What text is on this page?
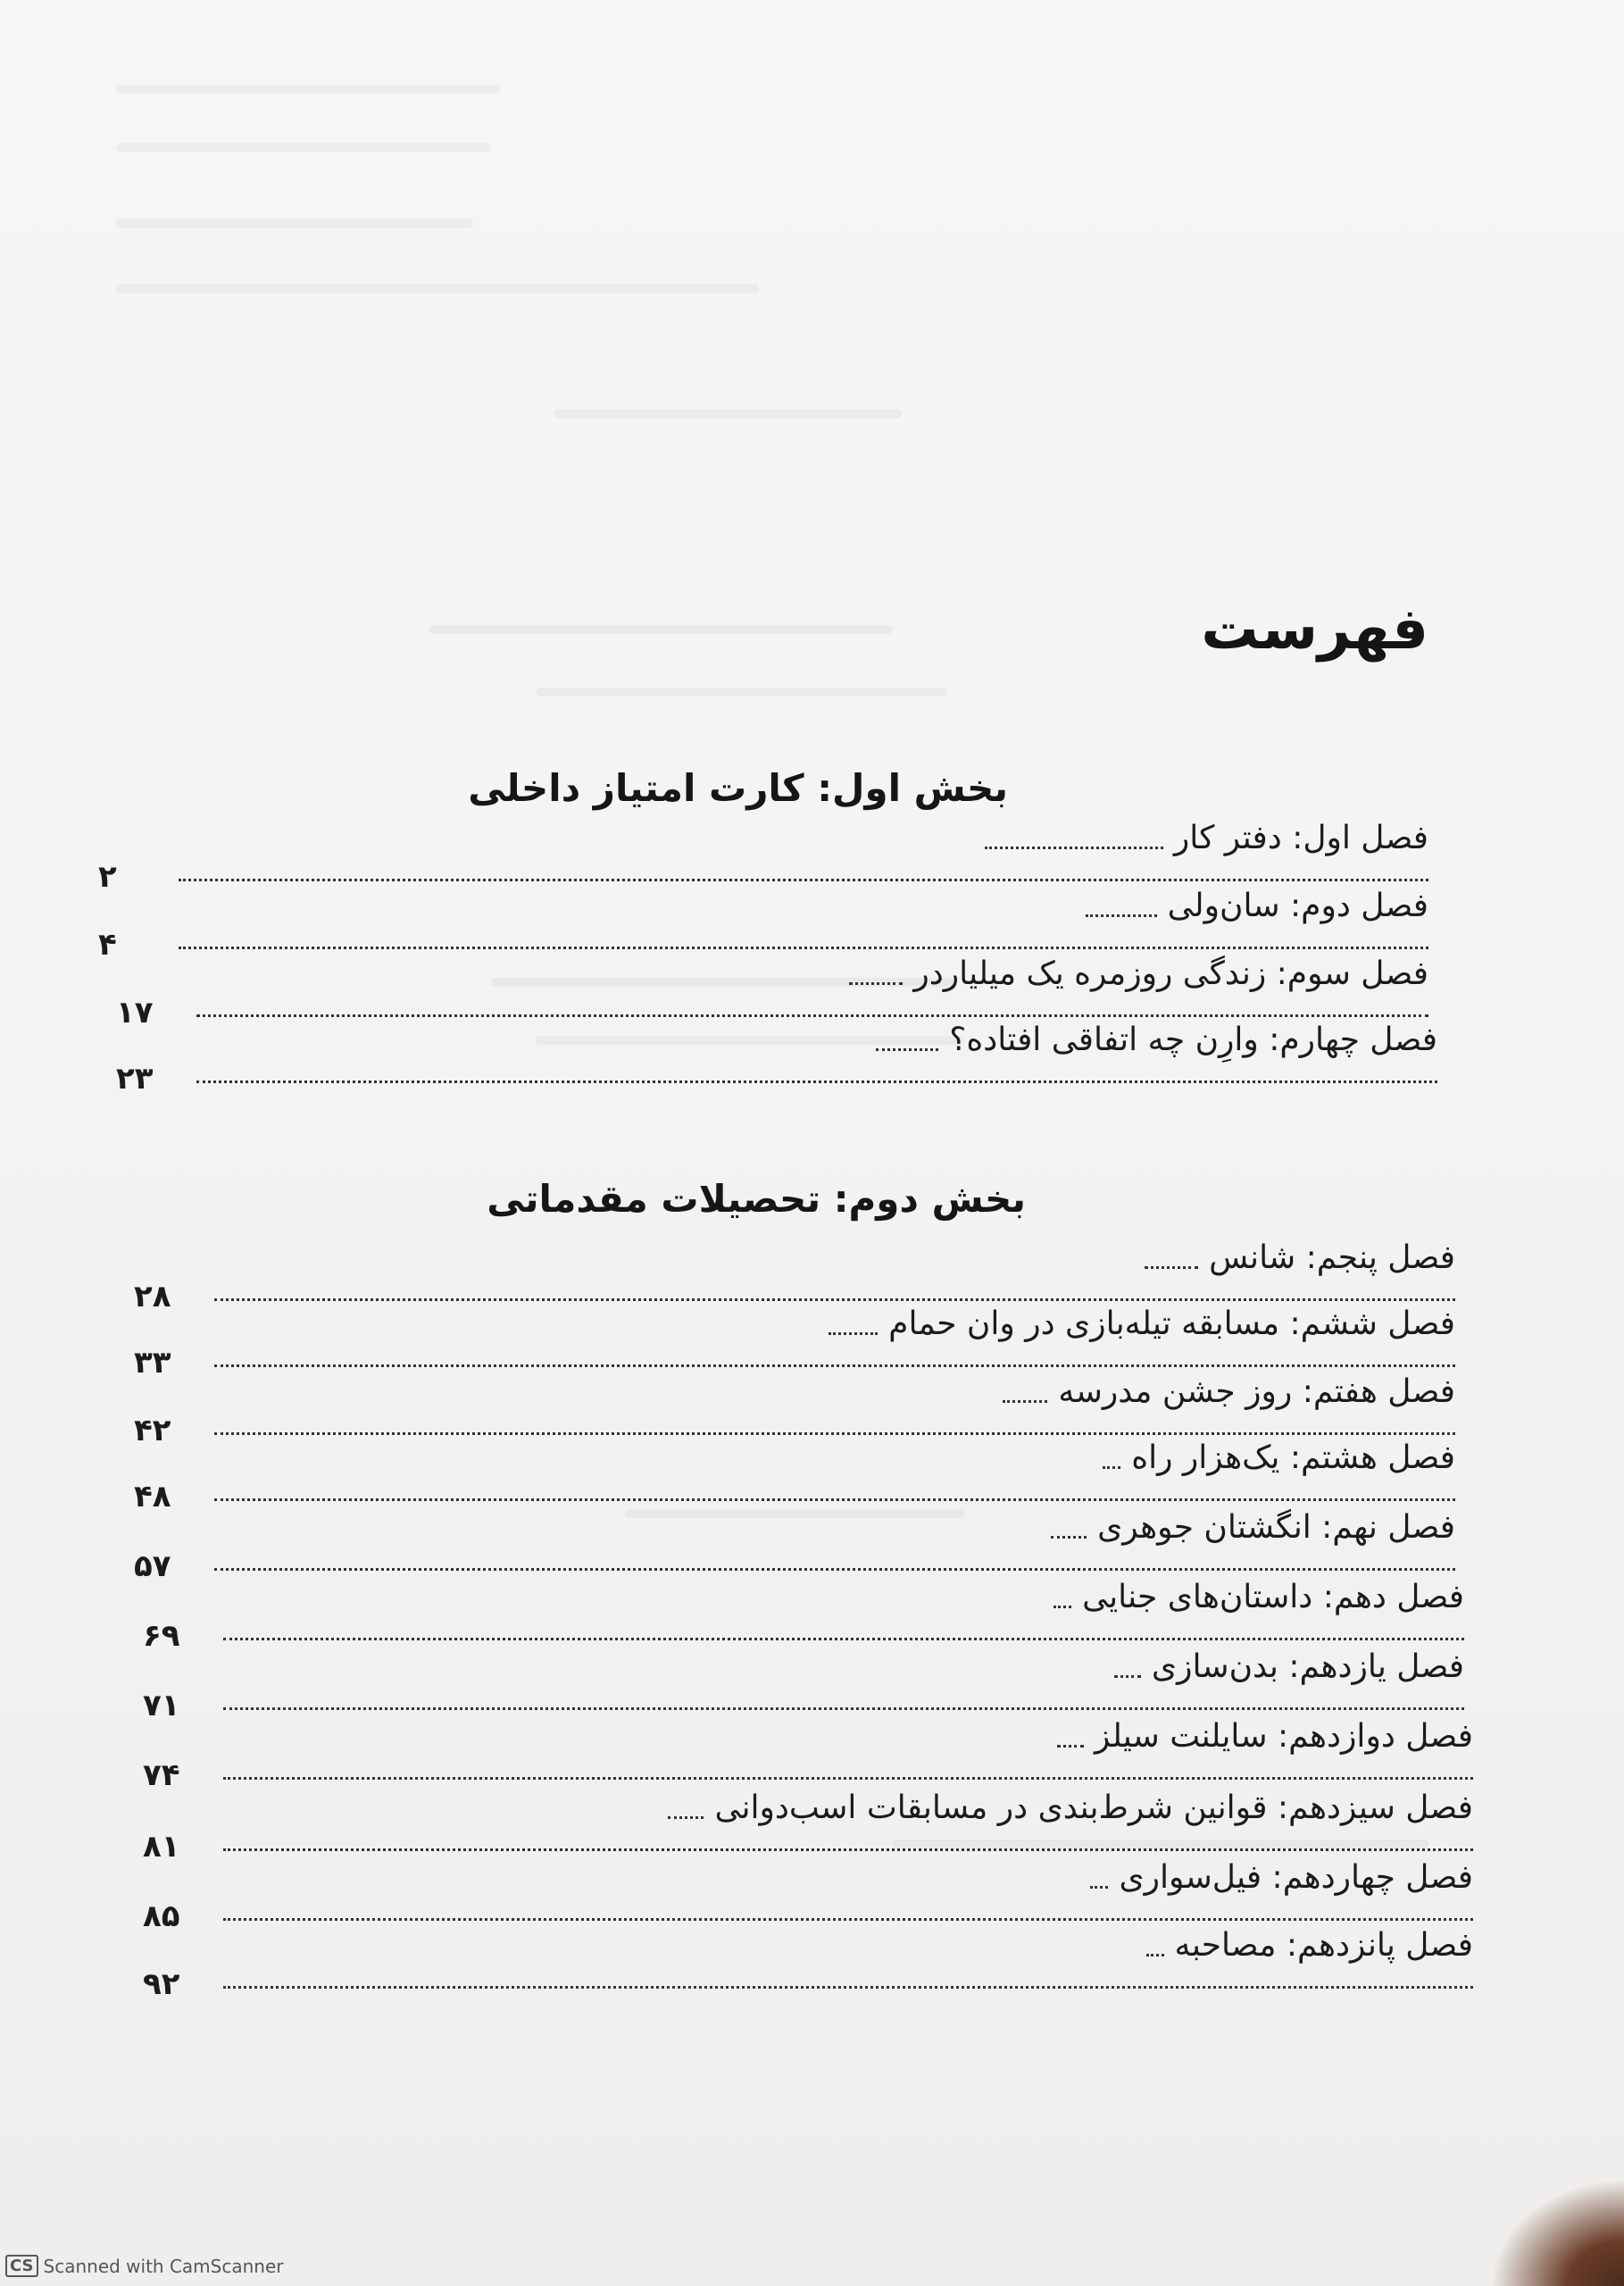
فهرست
بخش اول: کارت امتیاز داخلی
فصل اول: دفتر کار
۲
فصل دوم: سان‌ولی
۴
فصل سوم: زندگی روزمره یک میلیاردر
۱۷
فصل چهارم: وارِن چه اتفاقی افتاده؟
۲۳
بخش دوم: تحصیلات مقدماتی
فصل پنجم: شانس
۲۸
فصل ششم: مسابقه تیله‌بازی در وان حمام
۳۳
فصل هفتم: روز جشن مدرسه
۴۲
فصل هشتم: یک‌هزار راه
۴۸
فصل نهم: انگشتان جوهری
۵۷
فصل دهم: داستان‌های جنایی
۶۹
فصل یازدهم: بدن‌سازی
۷۱
فصل دوازدهم: سایلنت سیلز
۷۴
فصل سیزدهم: قوانین شرط‌بندی در مسابقات اسب‌دوانی
۸۱
فصل چهاردهم: فیل‌سواری
۸۵
فصل پانزدهم: مصاحبه
۹۲
CS Scanned with CamScanner
